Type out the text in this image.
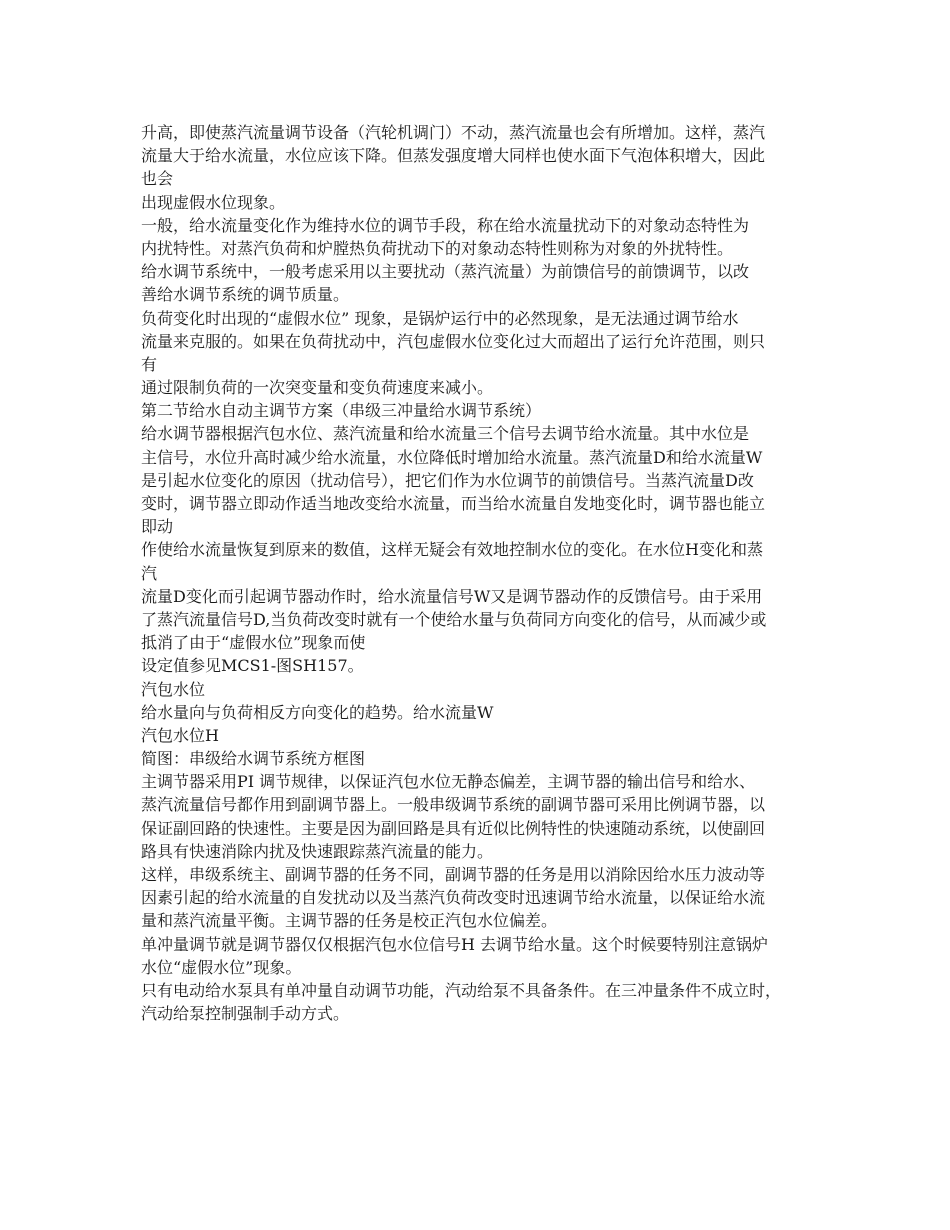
升高，即使蒸汽流量调节设备（汽轮机调门）不动，蒸汽流量也会有所增加。这样，蒸汽
流量大于给水流量，水位应该下降。但蒸发强度增大同样也使水面下气泡体积增大，因此
也会
出现虚假水位现象。
一般，给水流量变化作为维持水位的调节手段，称在给水流量扰动下的对象动态特性为
内扰特性。对蒸汽负荷和炉膛热负荷扰动下的对象动态特性则称为对象的外扰特性。
给水调节系统中，一般考虑采用以主要扰动（蒸汽流量）为前馈信号的前馈调节，以改
善给水调节系统的调节质量。
负荷变化时出现的“虚假水位” 现象，是锅炉运行中的必然现象，是无法通过调节给水
流量来克服的。如果在负荷扰动中，汽包虚假水位变化过大而超出了运行允许范围，则只
有
通过限制负荷的一次突变量和变负荷速度来减小。
第二节给水自动主调节方案（串级三冲量给水调节系统）
给水调节器根据汽包水位、蒸汽流量和给水流量三个信号去调节给水流量。其中水位是
主信号，水位升高时减少给水流量，水位降低时增加给水流量。蒸汽流量D和给水流量W
是引起水位变化的原因（扰动信号），把它们作为水位调节的前馈信号。当蒸汽流量D改
变时，调节器立即动作适当地改变给水流量，而当给水流量自发地变化时，调节器也能立
即动
作使给水流量恢复到原来的数值，这样无疑会有效地控制水位的变化。在水位H变化和蒸
汽
流量D变化而引起调节器动作时，给水流量信号W又是调节器动作的反馈信号。由于采用
了蒸汽流量信号D,当负荷改变时就有一个使给水量与负荷同方向变化的信号，从而减少或
抵消了由于“虚假水位”现象而使
设定值参见MCS1-图SH157。
汽包水位
给水量向与负荷相反方向变化的趋势。给水流量W
汽包水位H
简图：串级给水调节系统方框图
主调节器采用PI 调节规律，以保证汽包水位无静态偏差，主调节器的输出信号和给水、
蒸汽流量信号都作用到副调节器上。一般串级调节系统的副调节器可采用比例调节器，以
保证副回路的快速性。主要是因为副回路是具有近似比例特性的快速随动系统，以使副回
路具有快速消除内扰及快速跟踪蒸汽流量的能力。
这样，串级系统主、副调节器的任务不同，副调节器的任务是用以消除因给水压力波动等
因素引起的给水流量的自发扰动以及当蒸汽负荷改变时迅速调节给水流量，以保证给水流
量和蒸汽流量平衡。主调节器的任务是校正汽包水位偏差。
单冲量调节就是调节器仅仅根据汽包水位信号H 去调节给水量。这个时候要特别注意锅炉
水位“虚假水位”现象。
只有电动给水泵具有单冲量自动调节功能，汽动给泵不具备条件。在三冲量条件不成立时，
汽动给泵控制强制手动方式。
